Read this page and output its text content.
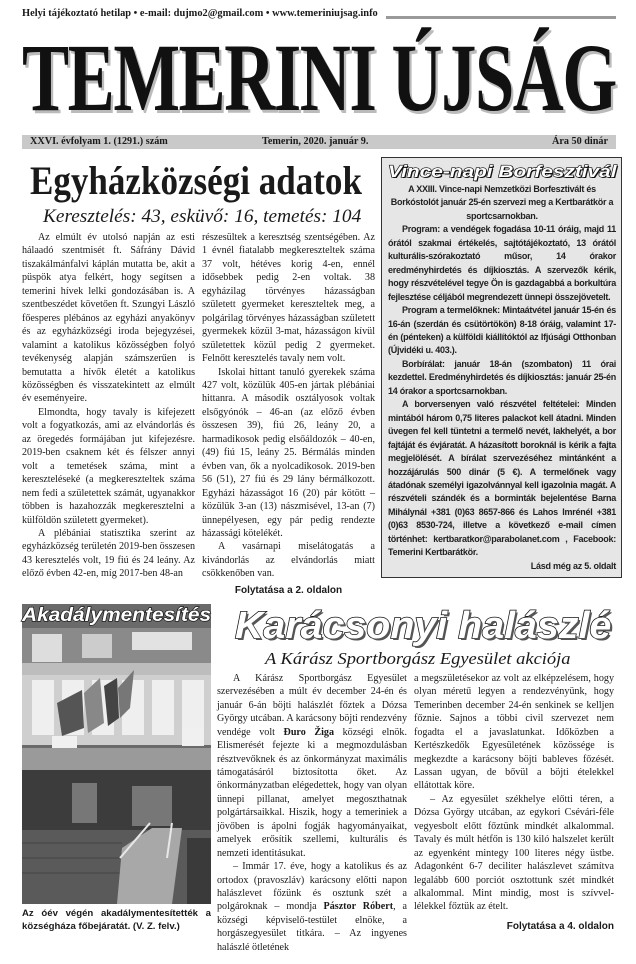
Helyi tájékoztató hetilap • e-mail: dujmo2@gmail.com • www.temeriniujsag.info
TEMERINI ÚJSÁG
XXVI. évfolyam 1. (1291.) szám	Temerin, 2020. január 9.	Ára 50 dinár
Egyházközségi adatok
Keresztelés: 43, esküvő: 16, temetés: 104

Az elmúlt év utolsó napján az esti hálaadó szentmisét ft. Sáfrány Dávid tiszakálmánfalvi káplán mutatta be, akit a püspök atya felkért, hogy segítsen a temerini hívek lelki gondozásában is. A szentbeszédet követően ft. Szungyi László főesperes plébános az egyházi anyakönyv és az egyházközségi iroda bejegyzései, valamint a katolikus közösségben folyó tevékenység alapján számszerűen is bemutatta a hívők életét a katolikus közösségben és visszatekintett az elmúlt év eseményeire.

Elmondta, hogy tavaly is kifejezett volt a fogyatkozás, ami az elvándorlás és az öregedés formájában jut kifejezésre. 2019-ben csaknem két és félszer annyi volt a temetések száma, mint a kereszteléseké (a megkereszteltek száma nem fedi a születettek számát, ugyanakkor többen is hazahozzák megkeresztelni a külföldön született gyermeket).

A plébániai statisztika szerint az egyházközség területén 2019-ben összesen 43 keresztelés volt, 19 fiú és 24 leány. Az előző évben 42-en, míg 2017-ben 48-an

részesültek a keresztség szentségében. Az 1 évnél fiatalabb megkereszteltek száma 37 volt, hétéves korig 4-en, ennél idősebbek pedig 2-en voltak. 38 egyházilag törvényes házasságban született gyermeket kereszteltek meg, a polgárilag törvényes házasságban született gyermekek közül 3-mat, házasságon kívül születettek közül pedig 2 gyermeket. Felnőtt keresztelés tavaly nem volt.

Iskolai hittant tanuló gyerekek száma 427 volt, közülük 405-en jártak plébániai hittanra. A második osztályosok voltak elsőgyónók – 46-an (az előző évben összesen 39), fiú 26, leány 20, a harmadikosok pedig elsőáldozók – 40-en, (49) fiú 15, leány 25. Bérmálás minden évben van, ők a nyolcadikosok. 2019-ben 56 (51), 27 fiú és 29 lány bérmálkozott. Egyházi házasságot 16 (20) pár kötött – közülük 3-an (13) nászmisével, 13-an (7) ünnepélyesen, egy pár pedig rendezte házassági kötelékét.

A vasárnapi miselátogatás a kivándorlás az elvándorlás miatt csökkenőben van.

Folytatása a 2. oldalon
Vince-napi Borfesztivál

A XXIII. Vince-napi Nemzetközi Borfesztivált és Borkóstolót január 25-én szervezi meg a Kertbarátkör a sportcsarnokban.

Program: a vendégek fogadása 10-11 óráig, majd 11 órától szakmai értékelés, sajtótájékoztató, 13 órától kulturális-szórakoztató műsor, 14 órakor eredményhirdetés és díjkiosztás. A szervezők kérik, hogy részvételével tegye Ön is gazdagabbá a borkultúra fejlesztése céljából megrendezett ünnepi összejövetelt.

Program a termelőknek: Mintaátvétel január 15-én és 16-án (szerdán és csütörtökön) 8-18 óráig, valamint 17-én (pénteken) a külföldi kiállítóktól az Ifjúsági Otthonban (Újvidéki u. 403.).

Borbírálat: január 18-án (szombaton) 11 órai kezdettel. Eredményhirdetés és díjkiosztás: január 25-én 14 órakor a sportcsarnokban.

A borversenyen való részvétel feltételei: Minden mintából három 0,75 literes palackot kell átadni. Minden üvegen fel kell tüntetni a termelő nevét, lakhelyét, a bor fajtáját és évjáratát. A házasított boroknál is kérik a fajta megjelölését. A bírálat szervezéséhez mintánként a hozzájárulás 500 dinár (5 €). A termelőnek vagy átadónak személyi igazolvánnyal kell igazolnia magát. A részvételi szándék és a borminták bejelentése Barna Mihálynál +381 (0)63 8657-866 és Lahos Imrénél +381 (0)63 8530-724, illetve a következő e-mail címen történhet: kertbaratkor@parabolanet.com , Facebook: Temerini Kertbarátkör.

Lásd még az 5. oldalt
Akadálymentesítés
Az óév végén akadálymentesítették a községháza főbejáratát. (V. Z. felv.)
Karácsonyi halászlé
A Kárász Sportborgász Egyesület akciója

A Kárász Sportborgász Egyesület szervezésében a múlt év december 24-én és január 6-án böjti halászlét főztek a Dózsa György utcában. A karácsony böjti rendezvény vendége volt Đuro Žiga községi elnök. Elismerését fejezte ki a megmozdulásban résztvevőknek és az önkormányzat maximális támogatásáról biztosította őket. Az önkormányzatban elégedettek, hogy van olyan ünnepi pillanat, amelyet megoszthatnak polgártársaikkal. Hiszik, hogy a temeriniek a jövőben is ápolni fogják hagyományaikat, amelyek erősítik szellemi, kulturális és nemzeti identitásukat.

– Immár 17. éve, hogy a katolikus és az ortodox (pravoszláv) karácsony előtti napon halászlevet főzünk és osztunk szét a polgároknak – mondja Pásztor Róbert, a községi képviselő-testület elnöke, a horgászegyesület titkára. – Az ingyenes halászlé ötletének

a megszületésekor az volt az elképzelésem, hogy olyan méretű legyen a rendezvényünk, hogy Temerinben december 24-én senkinek se kelljen főznie. Sajnos a többi civil szervezet nem fogadta el a javaslatunkat. Időközben a Kertészkedők Egyesületének közössége is megkezdte a karácsony böjti bableves főzését. Lassan ugyan, de bővül a böjti ételekkel ellátottak köre.

– Az egyesület székhelye előtti téren, a Dózsa György utcában, az egykori Csévári-féle vegyesbolt előtt főztünk mindkét alkalommal. Tavaly és múlt hétfőn is 130 kiló halszelet került az egyenként mintegy 100 literes négy üstbe. Adagonként 6-7 deciliter halászlevet számítva legalább 600 porciót osztottunk szét mindkét alkalommal. Mint mindig, most is szívvel-lélekkel főztük az ételt.

Folytatása a 4. oldalon
